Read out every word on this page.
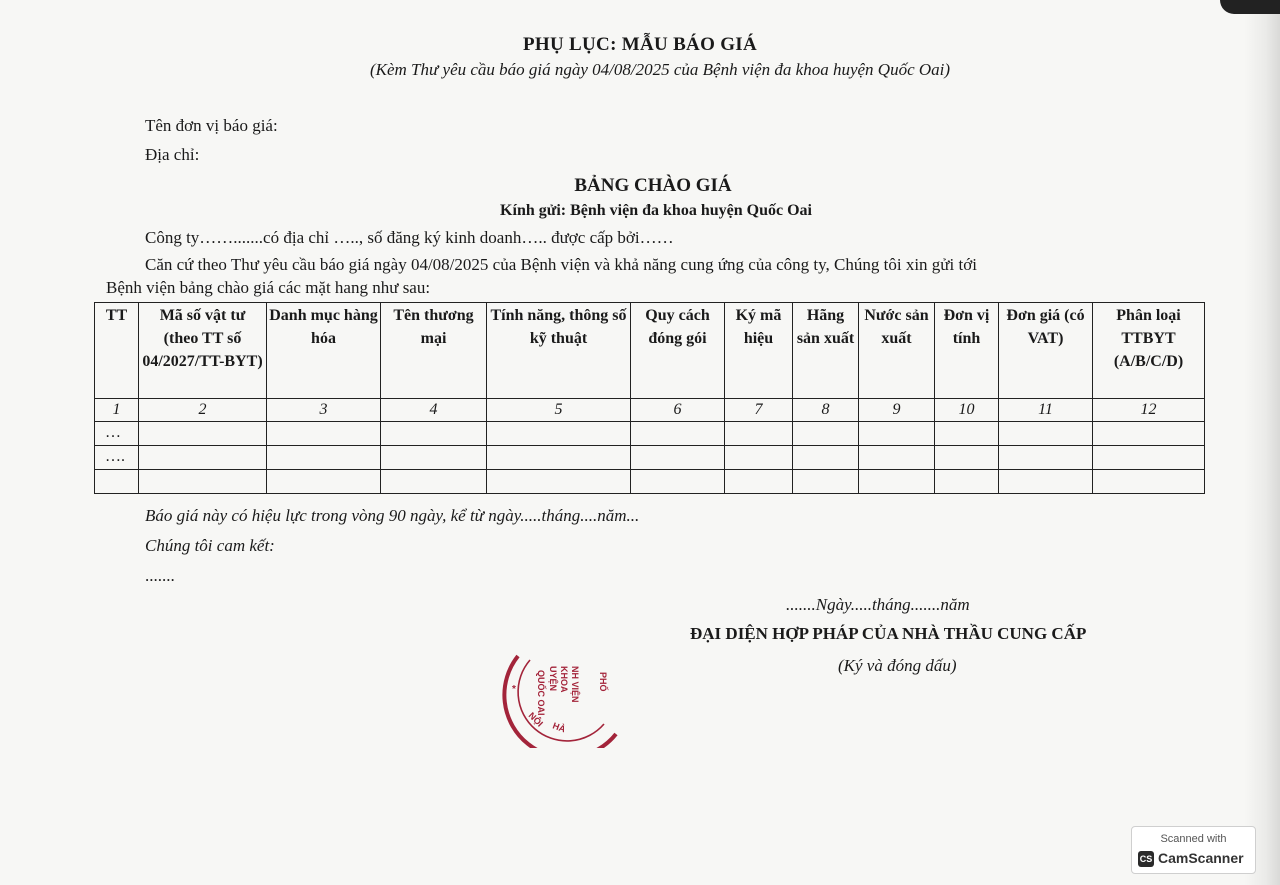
PHỤ LỤC: MẪU BÁO GIÁ
(Kèm Thư yêu cầu báo giá ngày 04/08/2025 của Bệnh viện đa khoa huyện Quốc Oai)
Tên đơn vị báo giá:
Địa chỉ:
BẢNG CHÀO GIÁ
Kính gửi: Bệnh viện đa khoa huyện Quốc Oai
Công ty…….......có địa chỉ ….., số đăng ký kinh doanh….. được cấp bởi……
Căn cứ theo Thư yêu cầu báo giá ngày 04/08/2025 của Bệnh viện và khả năng cung ứng của công ty, Chúng tôi xin gửi tới
Bệnh viện bảng chào giá các mặt hang như sau:
TT	Mã số vật tư (theo TT số 04/2027/TT-BYT)	Danh mục hàng hóa	Tên thương mại	Tính năng, thông số kỹ thuật	Quy cách đóng gói	Ký mã hiệu	Hãng sản xuất	Nước sản xuất	Đơn vị tính	Đơn giá (có VAT)	Phân loại TTBYT (A/B/C/D)
1	2	3	4	5	6	7	8	9	10	11	12
…											
….											

Báo giá này có hiệu lực trong vòng 90 ngày, kể từ ngày.....tháng....năm...
Chúng tôi cam kết:
.......
.......Ngày.....tháng.......năm
ĐẠI DIỆN HỢP PHÁP CỦA NHÀ THẦU CUNG CẤP
(Ký và đóng dấu)
* QUỐC OAI UYỆN KHOA NH VIỆN PHỐ
HÀ
NỘI
Scanned with
CS CamScanner
